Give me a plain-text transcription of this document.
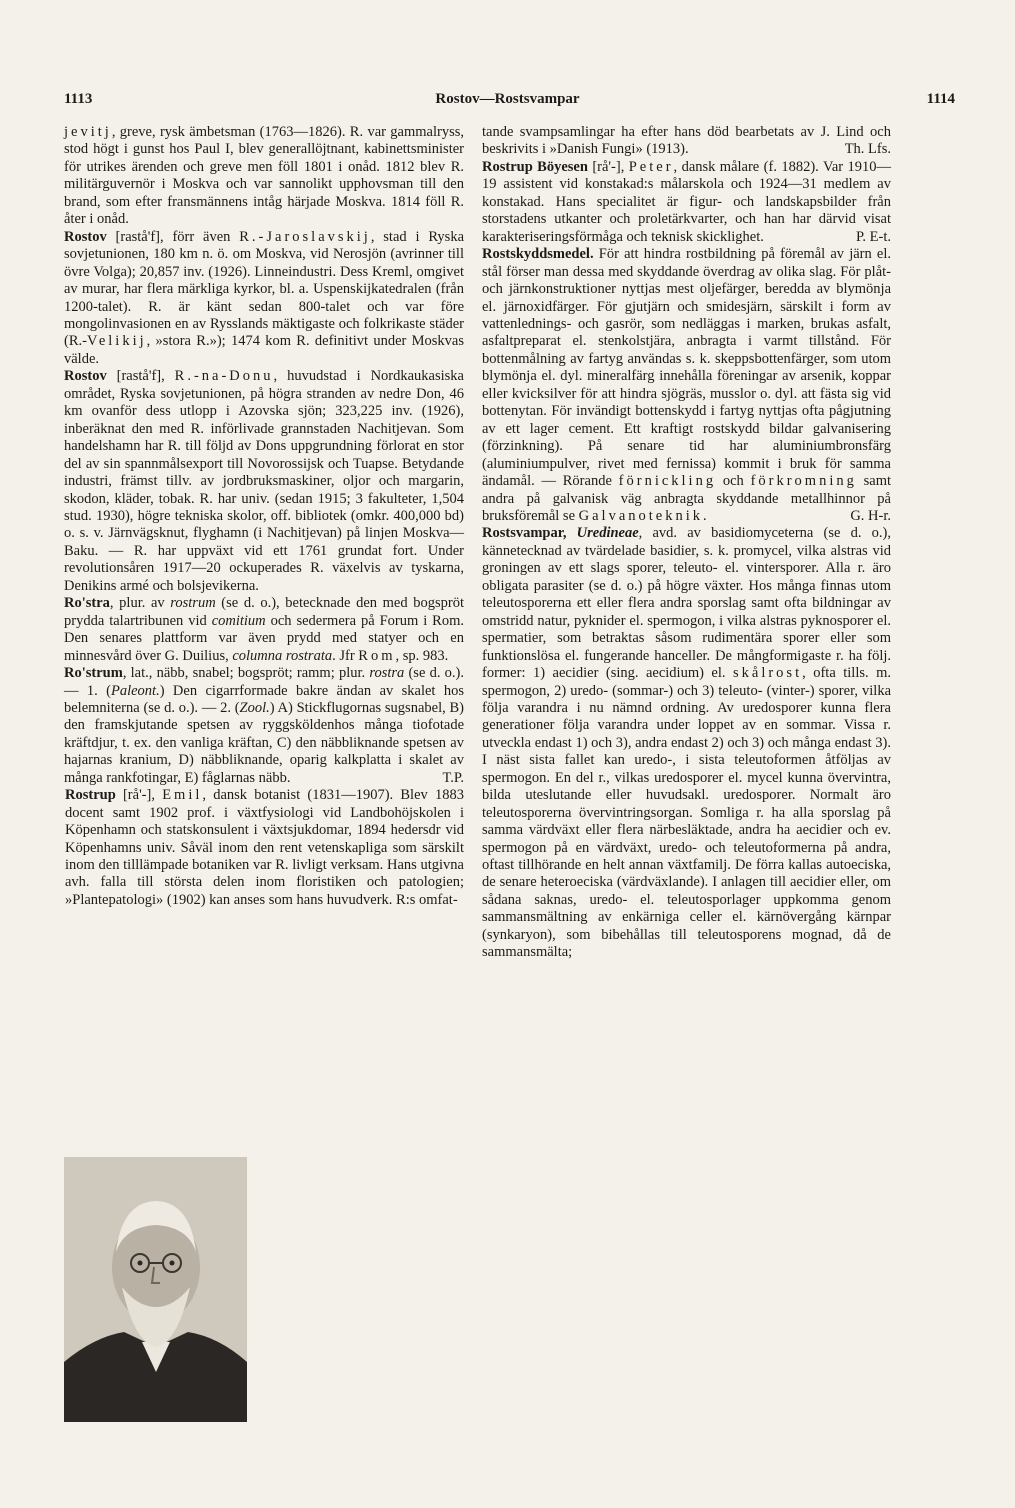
Rostov—Rostsvampar
1113	1114

jevitj, greve, rysk ämbetsman (1763—1826). R. var gammalryss, stod högt i gunst hos Paul I, blev generallöjtnant, kabinettsminister för utrikes ärenden och greve men föll 1801 i onåd. 1812 blev R. militärguvernör i Moskva och var sannolikt upphovsman till den brand, som efter fransmännens intåg härjade Moskva. 1814 föll R. åter i onåd.

Rostov [rastå'f], förr även R.-Jaroslavskij, stad i Ryska sovjetunionen, 180 km n. ö. om Moskva, vid Nerosjön (avrinner till övre Volga); 20,857 inv. (1926). Linneindustri. Dess Kreml, omgivet av murar, har flera märkliga kyrkor, bl. a. Uspenskijkatedralen (från 1200-talet). R. är känt sedan 800-talet och var före mongolinvasionen en av Rysslands mäktigaste och folkrikaste städer (R.-Velikij, »stora R.»); 1474 kom R. definitivt under Moskvas välde.

Rostov [rastå'f], R.-na-Donu, huvudstad i Nordkaukasiska området, Ryska sovjetunionen, på högra stranden av nedre Don, 46 km ovanför dess utlopp i Azovska sjön; 323,225 inv. (1926), inberäknat den med R. införlivade grannstaden Nachitjevan. Som handelshamn har R. till följd av Dons uppgrundning förlorat en stor del av sin spannmålsexport till Novorossijsk och Tuapse. Betydande industri, främst tillv. av jordbruksmaskiner, oljor och margarin, skodon, kläder, tobak. R. har univ. (sedan 1915; 3 fakulteter, 1,504 stud. 1930), högre tekniska skolor, off. bibliotek (omkr. 400,000 bd) o. s. v. Järnvägsknut, flyghamn (i Nachitjevan) på linjen Moskva—Baku. — R. har uppväxt vid ett 1761 grundat fort. Under revolutionsåren 1917—20 ockuperades R. växelvis av tyskarna, Denikins armé och bolsjevikerna.

Ro'stra, plur. av rostrum (se d. o.), betecknade den med bogspröt prydda talartribunen vid comitium och sedermera på Forum i Rom. Den senares plattform var även prydd med statyer och en minnesvård över G. Duilius, columna rostrata. Jfr Rom, sp. 983.

Ro'strum, lat., näbb, snabel; bogspröt; ramm; plur. rostra (se d. o.). — 1. (Paleont.) Den cigarrformade bakre ändan av skalet hos belemniterna (se d. o.). — 2. (Zool.) A) Stickflugornas sugsnabel, B) den framskjutande spetsen av ryggsköldenhos många tiofotade kräftdjur, t. ex. den vanliga kräftan, C) den näbbliknande spetsen av hajarnas kranium, D) näbbliknande, oparig kalkplatta i skalet av många rankfotingar, E) fåglarnas näbb.	T.P.

Rostrup [rå'-], Emil, dansk botanist (1831—1907). Blev 1883 docent samt 1902 prof. i växtfysiologi vid Landbohöjskolen i Köpenhamn och statskonsulent i växtsjukdomar, 1894 hedersdr vid Köpenhamns univ. Såväl inom den rent vetenskapliga som särskilt inom den tilllämpade botaniken var R. livligt verksam. Hans utgivna avh. falla till största delen inom floristiken och patologien; »Plantepatologi» (1902) kan anses som hans huvudverk. R:s omfat-

tande svampsamlingar ha efter hans död bearbetats av J. Lind och beskrivits i »Danish Fungi» (1913).	Th. Lfs.

Rostrup Böyesen [rå'-], Peter, dansk målare (f. 1882). Var 1910—19 assistent vid konstakad:s målarskola och 1924—31 medlem av konstakad. Hans specialitet är figur- och landskapsbilder från storstadens utkanter och proletärkvarter, och han har därvid visat karakteriseringsförmåga och teknisk skicklighet.	P. E-t.

Rostskyddsmedel. För att hindra rostbildning på föremål av järn el. stål förser man dessa med skyddande överdrag av olika slag. För plåt- och järnkonstruktioner nyttjas mest oljefärger, beredda av blymönja el. järnoxidfärger. För gjutjärn och smidesjärn, särskilt i form av vattenlednings- och gasrör, som nedläggas i marken, brukas asfalt, asfaltpreparat el. stenkolstjära, anbragta i varmt tillstånd. För bottenmålning av fartyg användas s. k. skeppsbottenfärger, som utom blymönja el. dyl. mineralfärg innehålla föreningar av arsenik, koppar eller kvicksilver för att hindra sjögräs, musslor o. dyl. att fästa sig vid bottenytan. För invändigt bottenskydd i fartyg nyttjas ofta pågjutning av ett lager cement. Ett kraftigt rostskydd bildar galvanisering (förzinkning). På senare tid har aluminiumbronsfärg (aluminiumpulver, rivet med fernissa) kommit i bruk för samma ändamål. — Rörande förnickling och förkromning samt andra på galvanisk väg anbragta skyddande metallhinnor på bruksföremål se Galvanoteknik.	G. H-r.

Rostsvampar, Uredineae, avd. av basidiomyceterna (se d. o.), kännetecknad av tvärdelade basidier, s. k. promycel, vilka alstras vid groningen av ett slags sporer, teleuto- el. vintersporer. Alla r. äro obligata parasiter (se d. o.) på högre växter. Hos många finnas utom teleutosporerna ett eller flera andra sporslag samt ofta bildningar av omstridd natur, pyknider el. spermogon, i vilka alstras pyknosporer el. spermatier, som betraktas såsom rudimentära sporer eller som funktionslösa el. fungerande hanceller. De mångformigaste r. ha följ. former: 1) aecidier (sing. aecidium) el. skålrost, ofta tills. m. spermogon, 2) uredo- (sommar-) och 3) teleuto- (vinter-) sporer, vilka följa varandra i nu nämnd ordning. Av uredosporer kunna flera generationer följa varandra under loppet av en sommar. Vissa r. utveckla endast 1) och 3), andra endast 2) och 3) och många endast 3). I näst sista fallet kan uredo-, i sista teleutoformen åtföljas av spermogon. En del r., vilkas uredosporer el. mycel kunna övervintra, bilda uteslutande eller huvudsakl. uredosporer. Normalt äro teleutosporerna övervintringsorgan. Somliga r. ha alla sporslag på samma värdväxt eller flera närbesläktade, andra ha aecidier och ev. spermogon på en värdväxt, uredo- och teleutoformerna på andra, oftast tillhörande en helt annan växtfamilj. De förra kallas autoeciska, de senare heteroeciska (värdväxlande). I anlagen till aecidier eller, om sådana saknas, uredo- el. teleutosporlager uppkomma genom sammansmältning av enkärniga celler el. kärnövergång kärnpar (synkaryon), som bibehållas till teleutosporens mognad, då de sammansmälta;
